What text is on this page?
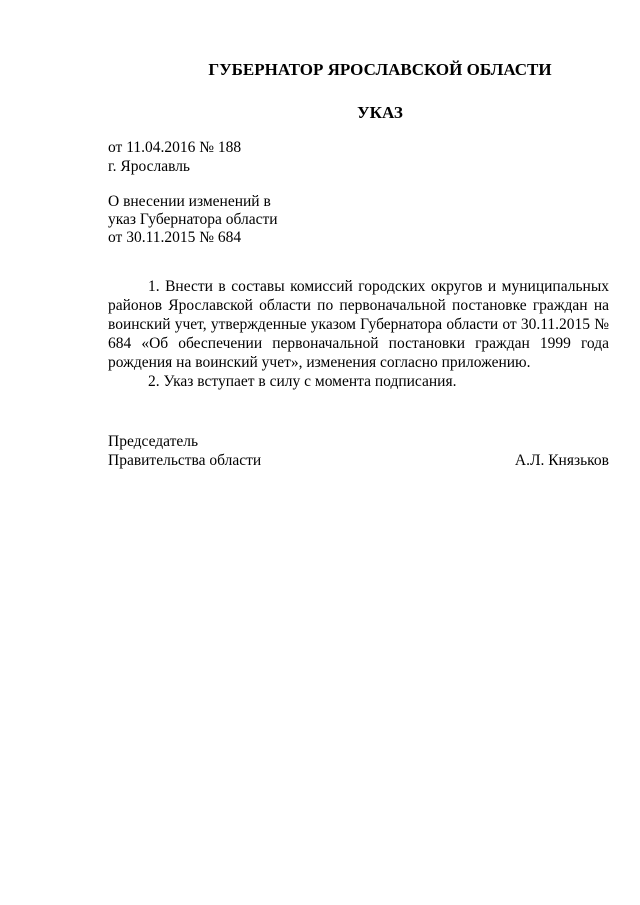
ГУБЕРНАТОР ЯРОСЛАВСКОЙ ОБЛАСТИ
УКАЗ
от 11.04.2016 № 188
г. Ярославль
О внесении изменений в
указ Губернатора области
от 30.11.2015 № 684

1. Внести в составы комиссий городских округов и муниципальных районов Ярославской области по первоначальной постановке граждан на воинский учет, утвержденные указом Губернатора области от 30.11.2015 № 684 «Об обеспечении первоначальной постановки граждан 1999 года рождения на воинский учет», изменения согласно приложению.

2. Указ вступает в силу с момента подписания.

Председатель
Правительства области	А.Л. Князьков
